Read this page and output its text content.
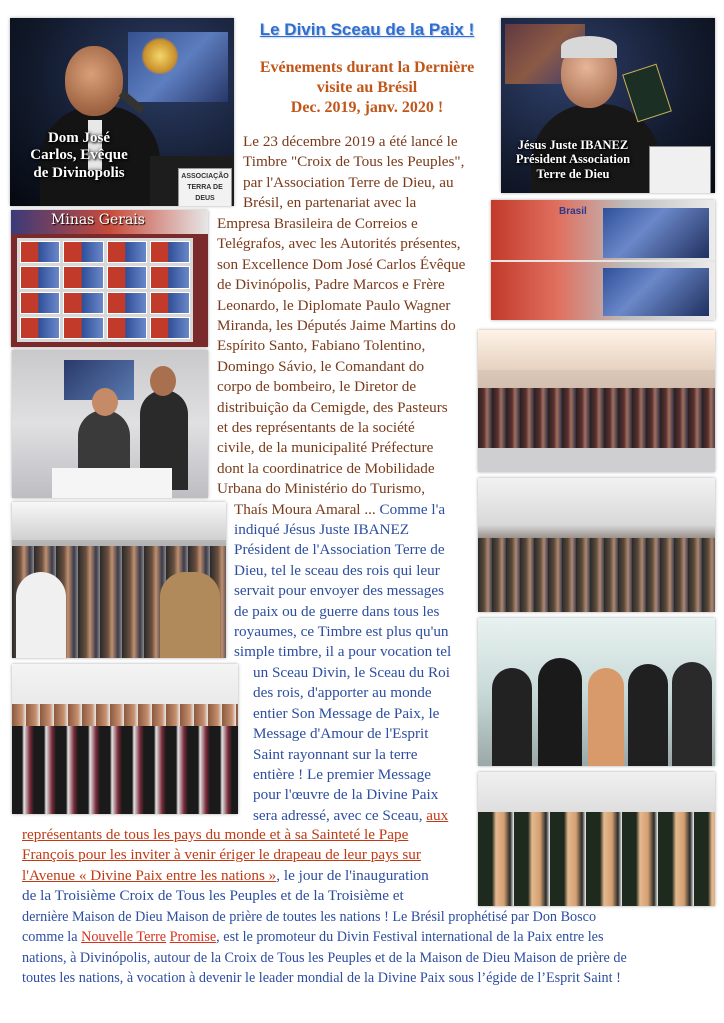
Le Divin Sceau de la Paix !
Evénements durant la Dernière
visite au Brésil
Dec. 2019, janv. 2020 !
ASSOCIAÇÃO
TERRA DE
DEUS
Dom José
Carlos, Evêque
de Divinopolis
Jésus Juste IBANEZ
Président Association
Terre de Dieu
Minas Gerais
Brasil
Le 23 décembre 2019 a été lancé le
Timbre "Croix de Tous les Peuples",
par l'Association Terre de Dieu, au
Brésil, en partenariat avec la
Empresa Brasileira de Correios e
Telégrafos, avec les Autorités présentes,
son Excellence Dom José Carlos Évêque
de Divinópolis, Padre Marcos e Frère
Leonardo, le Diplomate Paulo Wagner
Miranda, les Députés Jaime Martins do
Espírito Santo, Fabiano Tolentino,
Domingo Sávio, le Comandant do
corpo de bombeiro, le Diretor de
distribuição da Cemigde, des Pasteurs
et des représentants de la société
civile, de la municipalité Préfecture
dont la coordinatrice de Mobilidade
Urbana do Ministério do Turismo,
Thaís Moura Amaral ... Comme l'a
indiqué Jésus Juste IBANEZ
Président de l'Association Terre de
Dieu, tel le sceau des rois qui leur
servait pour envoyer des messages
de paix ou de guerre dans tous les
royaumes, ce Timbre est plus qu'un
simple timbre, il a pour vocation tel
un Sceau Divin, le Sceau du Roi
des rois, d'apporter au monde
entier Son Message de Paix, le
Message d'Amour de l'Esprit
Saint rayonnant sur la terre
entière ! Le premier Message
pour l'œuvre de la Divine Paix
sera adressé, avec ce Sceau, aux
représentants de tous les pays du monde et à sa Sainteté le Pape
François pour les inviter à venir ériger le drapeau de leur pays sur
l'Avenue « Divine Paix entre les nations », le jour de l'inauguration
de la Troisième Croix de Tous les Peuples et de la Troisième et
dernière Maison de Dieu Maison de prière de toutes les nations ! Le Brésil prophétisé par Don Bosco
comme la Nouvelle Terre Promise, est le promoteur du Divin Festival international de la Paix entre les
nations, à Divinópolis, autour de la Croix de Tous les Peuples et de la Maison de Dieu Maison de prière de
toutes les nations, à vocation à devenir le leader mondial de la Divine Paix sous l’égide de l’Esprit Saint !
